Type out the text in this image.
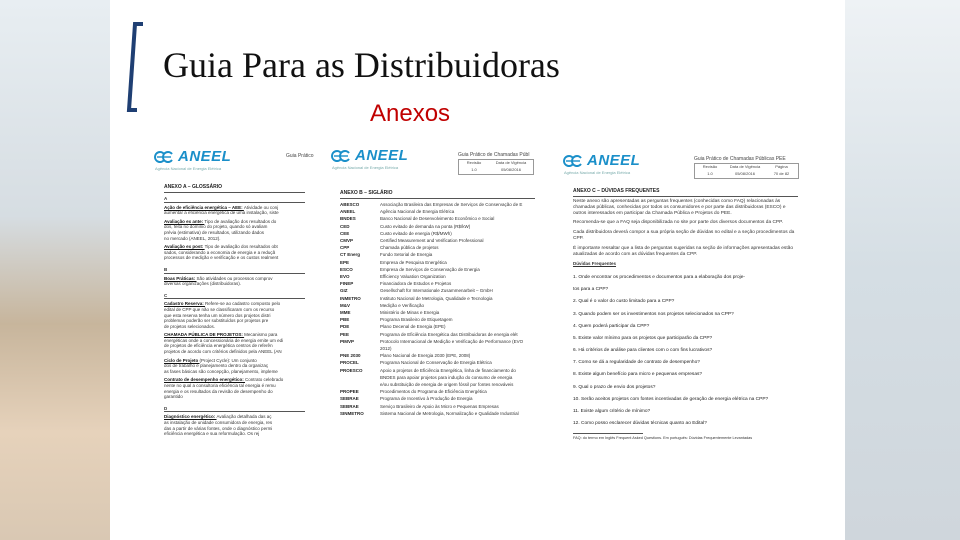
Guia Para as Distribuidoras
Anexos
ANEEL
Agência Nacional de Energia Elétrica
Guia Prático
ANEXO A – GLOSSÁRIO
A
Ação de eficiência energética – AEE: Atividade ou conj
aumentar a eficiência energética de uma instalação, siste
Avaliação ex ante: Tipo de avaliação dos resultados do
dos, feita no domínio do projeto, quando só avaliam
prévia (estimativa) de resultados, utilizando dados
no mercado (ANEEL, 2012).
Avaliação ex post: Tipo de avaliação dos resultados obt
sados, considerando a economia de energia e a reduçã
processos de medição e verificação e os custos realment
B
Boas Práticas: São atividades ou processos comprov
diversas organizações (distribuidoras).
C
Cadastro Reserva: Refere-se ao cadastro composto pelo
edital de CPP que não se classificaram com os recurso
que esta reserva tenha um número dos projetos distri
problemas poderão ser substituídos por projetos pre
de projetos selecionados.
CHAMADA PÚBLICA DE PROJETOS: Mecanismo para
energéticas onde a concessionária de energia emite um edi
de projetos de eficiência energética centros de referên
projetos de acordo com critérios definidos pela ANEEL (AN
Ciclo de Projeto (Project Cycle): Um conjunto
dos de trabalho e planejamento dentro da organizaç
as fases básicas são concepção, planejamento, impleme
Contrato de desempenho energético: Contrato celebrado
nente no qual a consultoria eficiência tal energia é remu
energia e os resultados da revisão de desempenho do
garantido
D
Diagnóstico energético: Avaliação detalhada das aç
as instalação de unidade consumidora de energia, res
das a partir de várias fontes, onde o diagnóstico permi
eficiência energética e sua reformulação. Os rej
ANEEL
Agência Nacional de Energia Elétrica
Guia Prático de Chamadas Públ
Revisão	Data de Vigência
1.0	05/08/2016
ANEXO B – SIGLÁRIO
ABESCO	Associação Brasileira das Empresas de Serviços de Conservação de E
ANEEL	Agência Nacional de Energia Elétrica
BNDES	Banco Nacional de Desenvolvimento Econômico e Social
CED	Custo evitado de demanda na ponta (R$/kW)
CEE	Custo evitado de energia (R$/MWh)
CMVP	Certified Measurement and Verification Professional
CPP	Chamada pública de projetos
CT Energ	Fundo Setorial de Energia
EPE	Empresa de Pesquisa Energética
ESCO	Empresa de Serviços de Conservação de Energia
EVO	Efficiency Valuation Organization
FINEP	Financiadora de Estudos e Projetos
GIZ	Gesellschaft für Internationale Zusammenarbeit – GmbH
INMETRO	Instituto Nacional de Metrologia, Qualidade e Tecnologia
M&V	Medição e Verificação
MME	Ministério de Minas e Energia
PBE	Programa Brasileiro de Etiquetagem
PDE	Plano Decenal de Energia (EPE)
PEE	Programa de Eficiência Energética das Distribuidoras de energia elét
PIMVP	Protocolo Internacional de Medição e Verificação de Performance (EVO
2012)
PNE 2030	Plano Nacional de Energia 2030 (EPE, 2008)
PROCEL	Programa Nacional de Conservação de Energia Elétrica
PROESCO	Apoio a projetos de Eficiência Energética, linha de financiamento do
BNDES para apoiar projetos para indução do consumo de energia
e/ou substituição de energia de origem fóssil por fontes renováveis
PROPEE	Procedimentos do Programa de Eficiência Energética
SEBRAE	Programa de Incentivo à Produção de Energia
SEBRAE	Serviço Brasileiro de Apoio às Micro e Pequenas Empresas
SINMETRO	Sistema Nacional de Metrologia, Normalização e Qualidade Industrial
ANEEL
Agência Nacional de Energia Elétrica
Guia Prático de Chamadas Públicas PEE
Revisão	Data de Vigência	Página
1.0	05/08/2016	70 de 82
ANEXO C – DÚVIDAS FREQUENTES
Neste anexo são apresentadas as perguntas frequentes (conhecidas como FAQ) relacionadas às chamadas públicas, conhecidas por todos os consumidores e por parte das distribuidoras (ESCO) e outros interessados em participar da Chamada Pública e Projetos do PEE.
Recomenda-se que a FAQ seja disponibilizada no site por parte dos diversos documentos da CPP.
Cada distribuidora deverá compor a sua própria seção de dúvidas no edital e a seção procedimentos da CPP.
É importante ressaltar que a lista de perguntas sugeridas na seção de informações apresentadas estão atualizadas de acordo com as dúvidas frequentes da CPP.
Dúvidas Frequentes
1. Onde encontrar os procedimentos e documentos para a elaboração dos proje-
tos para a CPP?
2. Qual é o valor do custo limitado para a CPP?
3. Quando podem ser os investimentos nos projetos selecionados na CPP?
4. Quem poderá participar da CPP?
5. Existe valor mínimo para os projetos que participarão da CPP?
6. Há critérios de análise para clientes com o com fins lucrativos?
7. Como se dá a regularidade de contrato de desempenho?
8. Existe algum benefício para micro e pequenas empresas?
9. Qual o prazo de envio dos projetos?
10. Serão aceitos projetos com fontes incentivadas de geração de energia elétrica na CPP?
11. Existe algum critério de mínimo?
12. Como posso esclarecer dúvidas técnicas quanto ao Edital?
FAQ: do termo em Inglês Frequent Asked Questions. Em português: Dúvidas Frequentemente Levantadas
